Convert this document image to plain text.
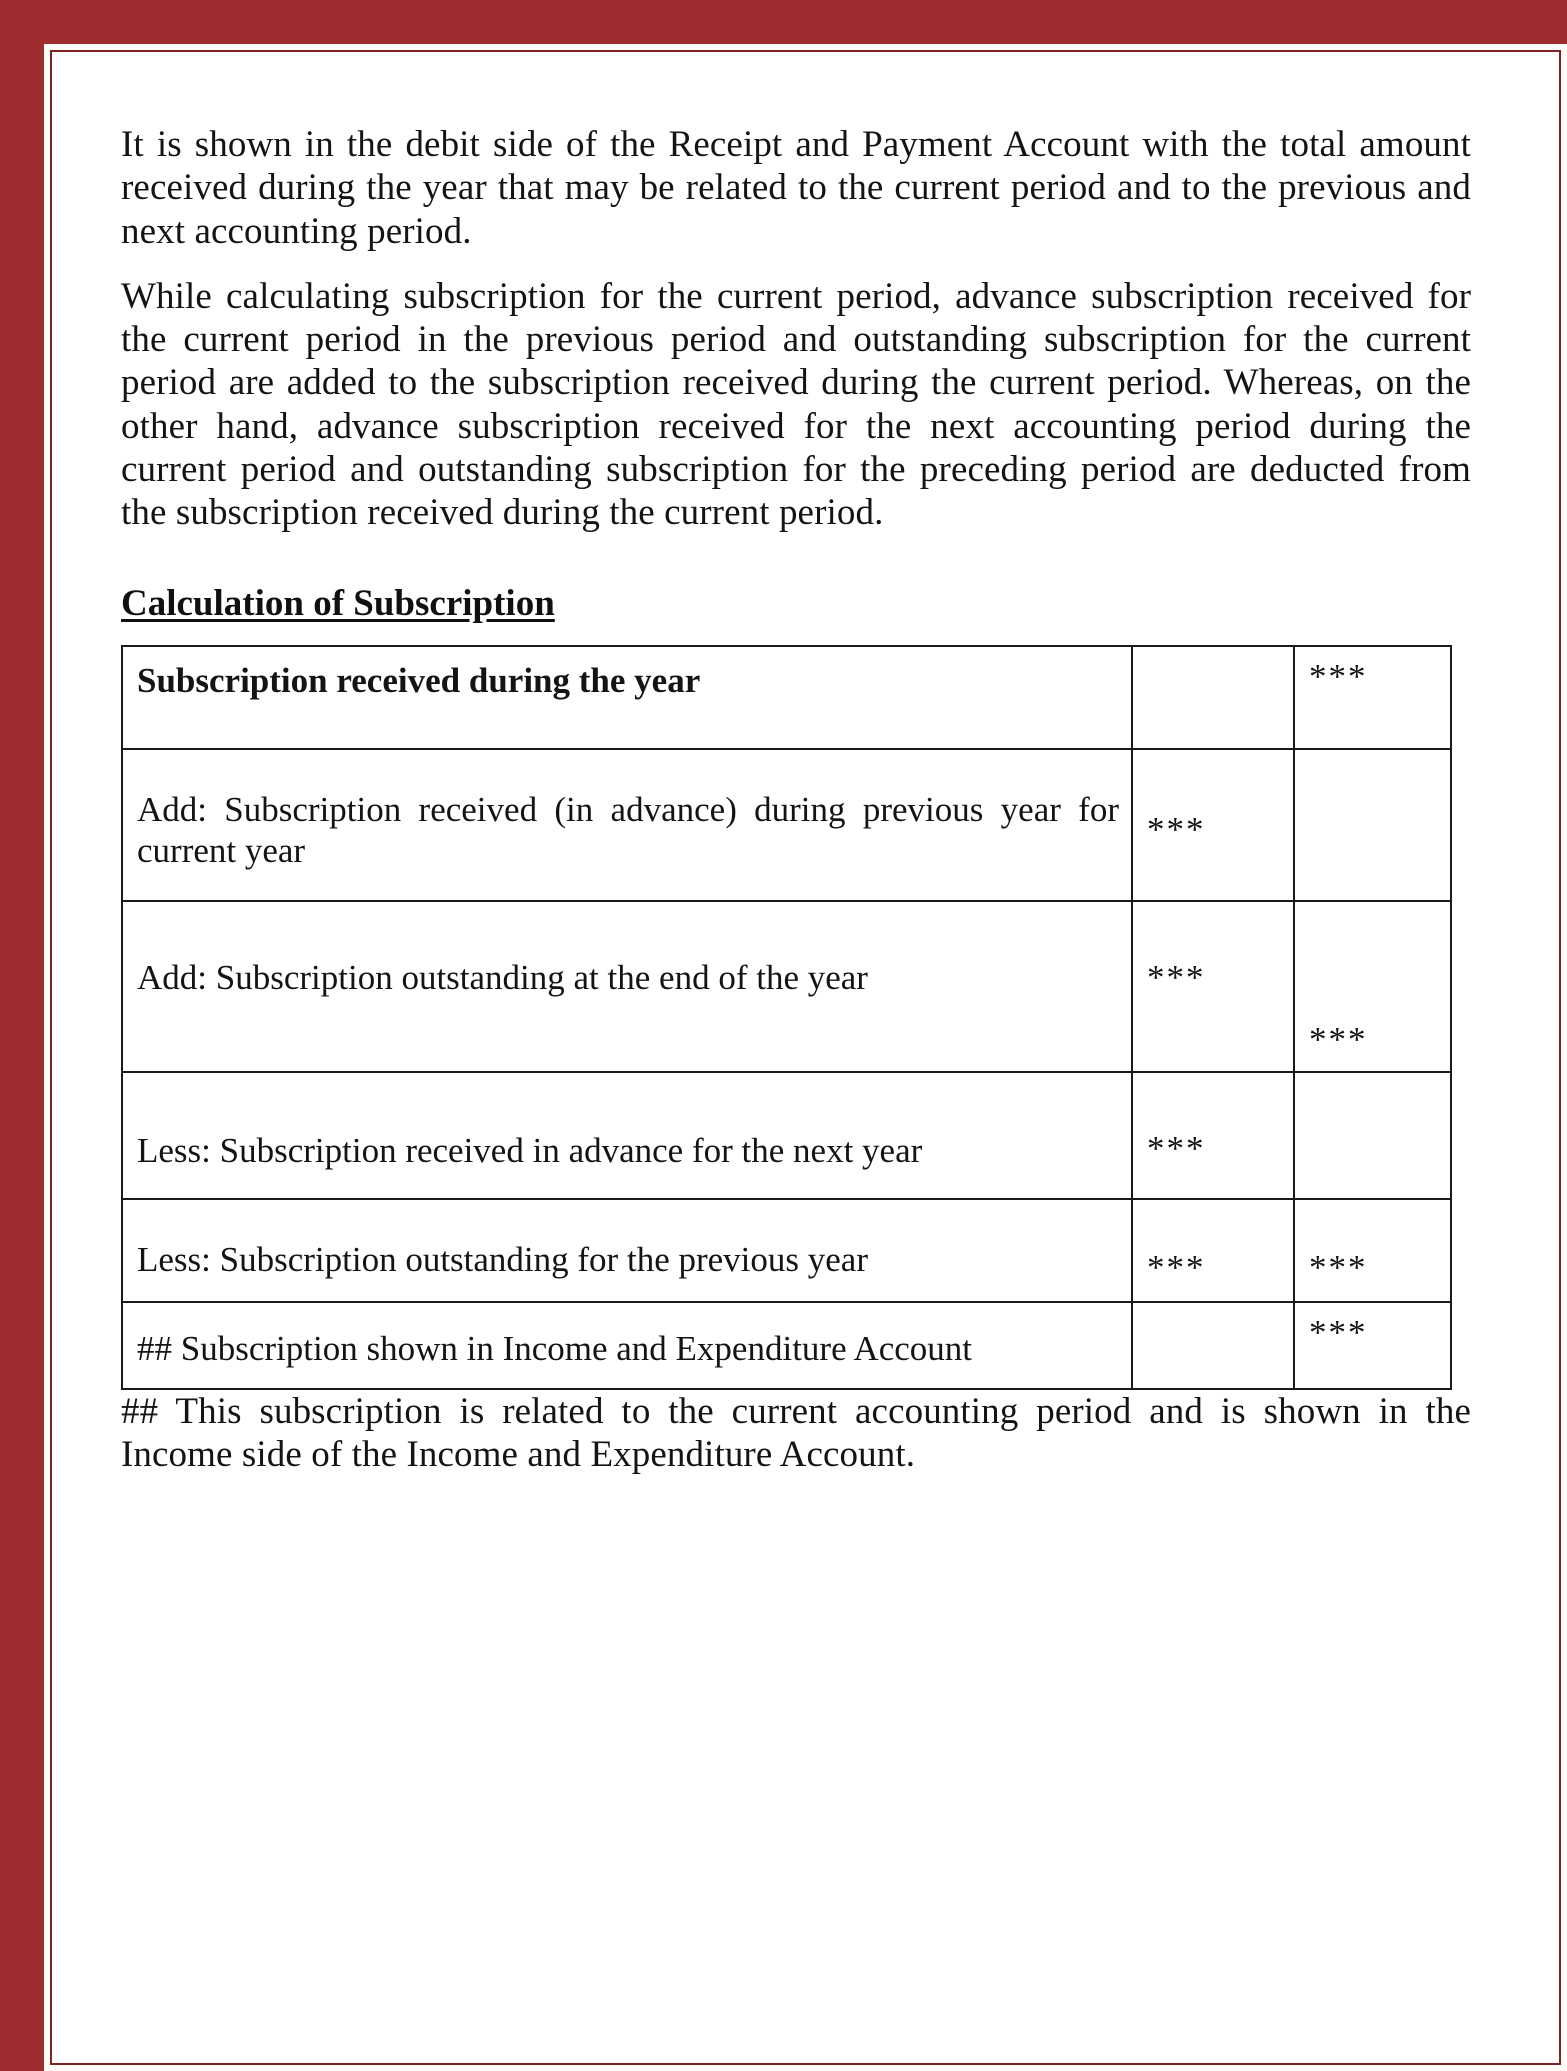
It is shown in the debit side of the Receipt and Payment Account with the total amount received during the year that may be related to the current period and to the previous and next accounting period.

While calculating subscription for the current period, advance subscription received for the current period in the previous period and outstanding subscription for the current period are added to the subscription received during the current period. Whereas, on the other hand, advance subscription received for the next accounting period during the current period and outstanding subscription for the preceding period are deducted from the subscription received during the current period.

Calculation of Subscription
Subscription received during the year		***

Add: Subscription received (in advance) during previous year for current year	***	

Add: Subscription outstanding at the end of the year	***	***

Less: Subscription received in advance for the next year	***	

Less: Subscription outstanding for the previous year	***	***

## Subscription shown in Income and Expenditure Account		***

## This subscription is related to the current accounting period and is shown in the Income side of the Income and Expenditure Account.
